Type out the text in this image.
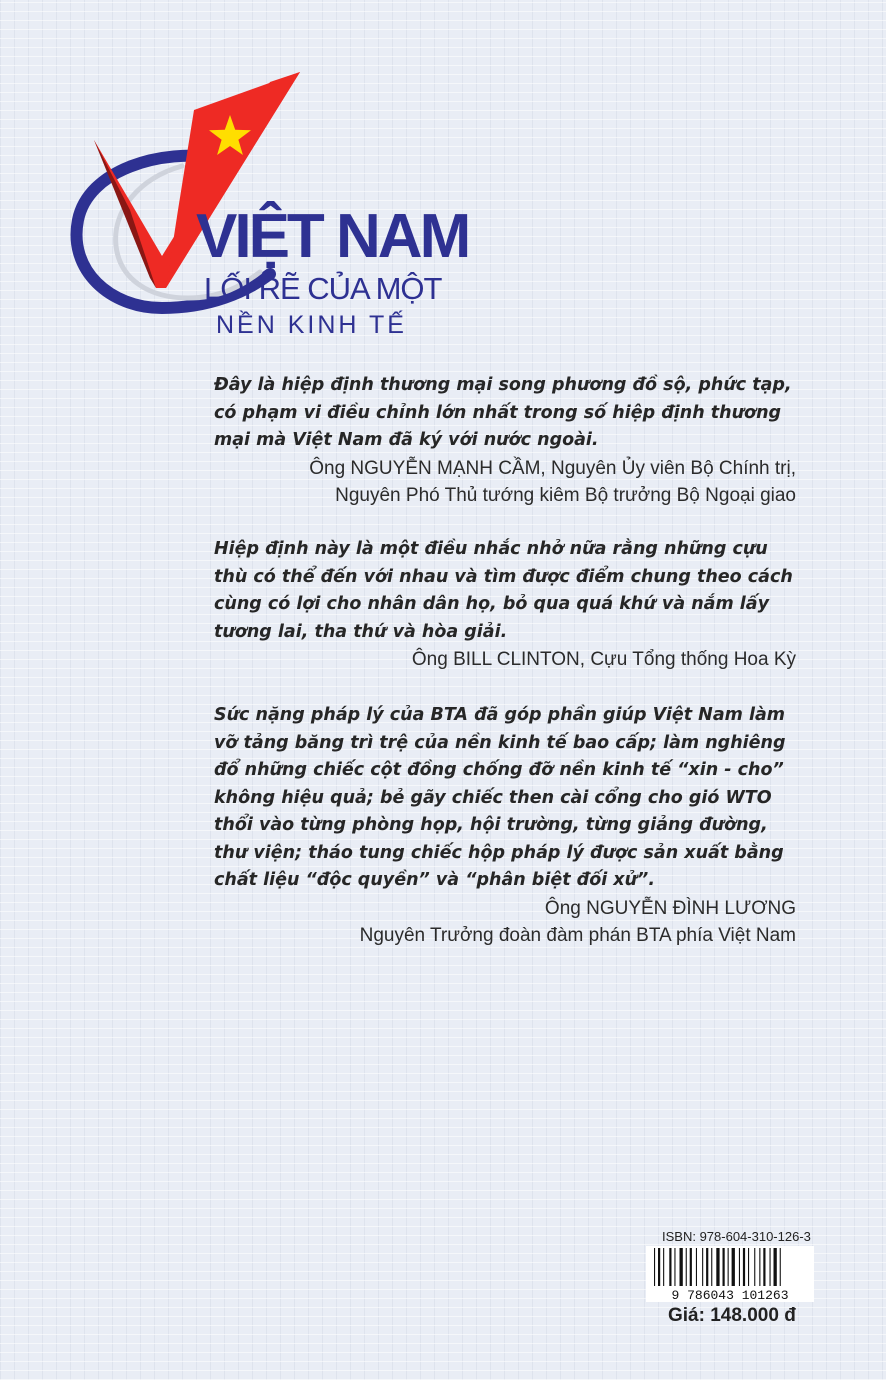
VIỆT NAM
LỐI RẼ CỦA MỘT
NỀN KINH TẾ

Đây là hiệp định thương mại song phương đồ sộ, phức tạp, có phạm vi điều chỉnh lớn nhất trong số hiệp định thương mại mà Việt Nam đã ký với nước ngoài.

Ông NGUYỄN MẠNH CẦM, Nguyên Ủy viên Bộ Chính trị,

Nguyên Phó Thủ tướng kiêm Bộ trưởng Bộ Ngoại giao

Hiệp định này là một điều nhắc nhở nữa rằng những cựu thù có thể đến với nhau và tìm được điểm chung theo cách cùng có lợi cho nhân dân họ, bỏ qua quá khứ và nắm lấy tương lai, tha thứ và hòa giải.

Ông BILL CLINTON, Cựu Tổng thống Hoa Kỳ

Sức nặng pháp lý của BTA đã góp phần giúp Việt Nam làm vỡ tảng băng trì trệ của nền kinh tế bao cấp; làm nghiêng đổ những chiếc cột đồng chống đỡ nền kinh tế “xin - cho” không hiệu quả; bẻ gãy chiếc then cài cổng cho gió WTO thổi vào từng phòng họp, hội trường, từng giảng đường, thư viện; tháo tung chiếc hộp pháp lý được sản xuất bằng chất liệu “độc quyền” và “phân biệt đối xử”.

Ông NGUYỄN ĐÌNH LƯƠNG

Nguyên Trưởng đoàn đàm phán BTA phía Việt Nam

ISBN: 978-604-310-126-3
9 786043 101263
Giá: 148.000 đ
